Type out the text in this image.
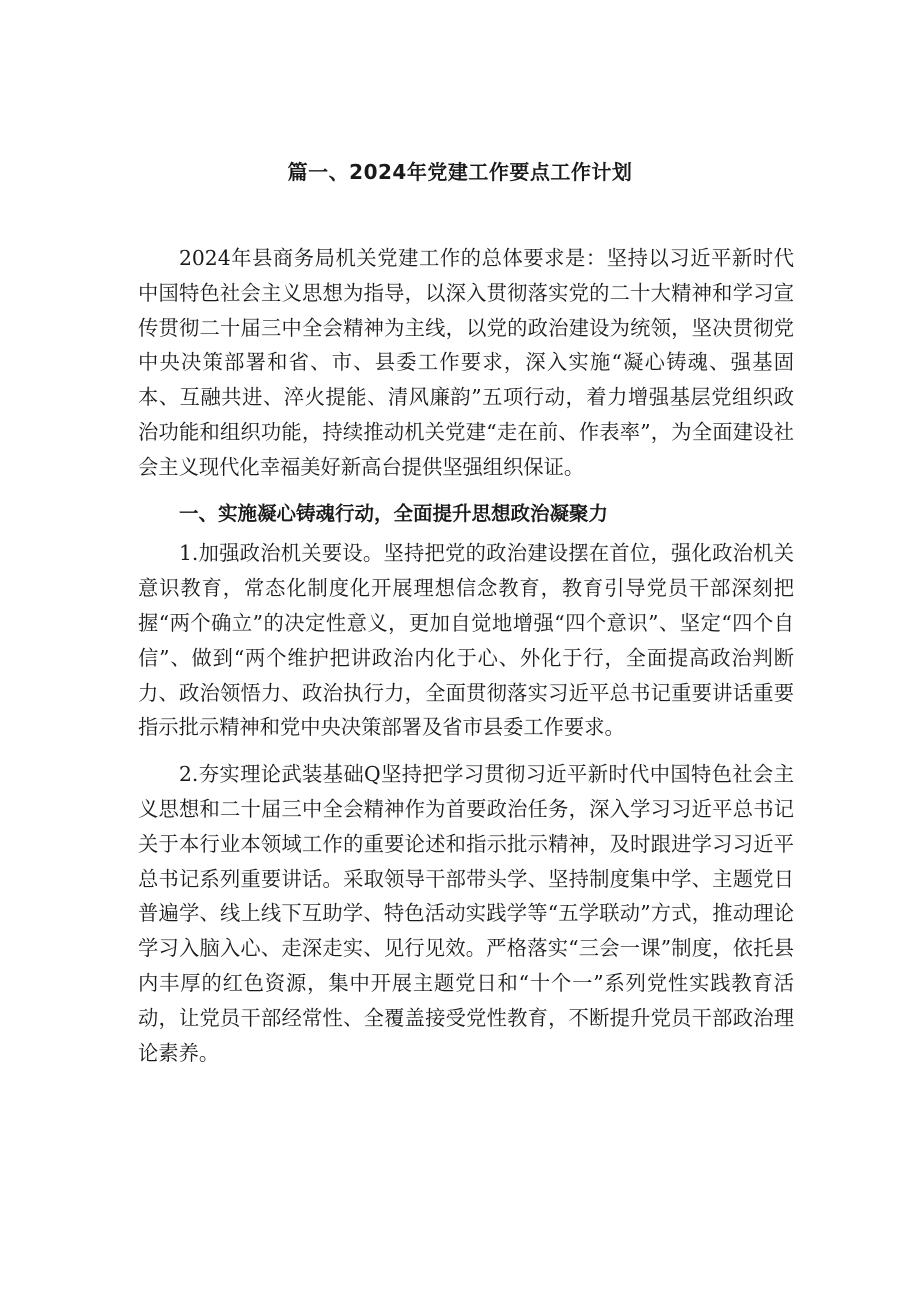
篇一、2024年党建工作要点工作计划

2024年县商务局机关党建工作的总体要求是：坚持以习近平新时代中国特色社会主义思想为指导，以深入贯彻落实党的二十大精神和学习宣传贯彻二十届三中全会精神为主线，以党的政治建设为统领，坚决贯彻党中央决策部署和省、市、县委工作要求，深入实施“凝心铸魂、强基固本、互融共进、淬火提能、清风廉韵”五项行动，着力增强基层党组织政治功能和组织功能，持续推动机关党建“走在前、作表率”，为全面建设社会主义现代化幸福美好新高台提供坚强组织保证。

一、实施凝心铸魂行动，全面提升思想政治凝聚力

1.加强政治机关要设。坚持把党的政治建设摆在首位，强化政治机关意识教育，常态化制度化开展理想信念教育，教育引导党员干部深刻把握“两个确立”的决定性意义，更加自觉地增强“四个意识”、坚定“四个自信”、做到“两个维护把讲政治内化于心、外化于行，全面提高政治判断力、政治领悟力、政治执行力，全面贯彻落实习近平总书记重要讲话重要指示批示精神和党中央决策部署及省市县委工作要求。

2.夯实理论武装基础Q坚持把学习贯彻习近平新时代中国特色社会主义思想和二十届三中全会精神作为首要政治任务，深入学习习近平总书记关于本行业本领域工作的重要论述和指示批示精神，及时跟进学习习近平总书记系列重要讲话。采取领导干部带头学、坚持制度集中学、主题党日普遍学、线上线下互助学、特色活动实践学等“五学联动”方式，推动理论学习入脑入心、走深走实、见行见效。严格落实“三会一课”制度，依托县内丰厚的红色资源，集中开展主题党日和“十个一”系列党性实践教育活动，让党员干部经常性、全覆盖接受党性教育，不断提升党员干部政治理论素养。
